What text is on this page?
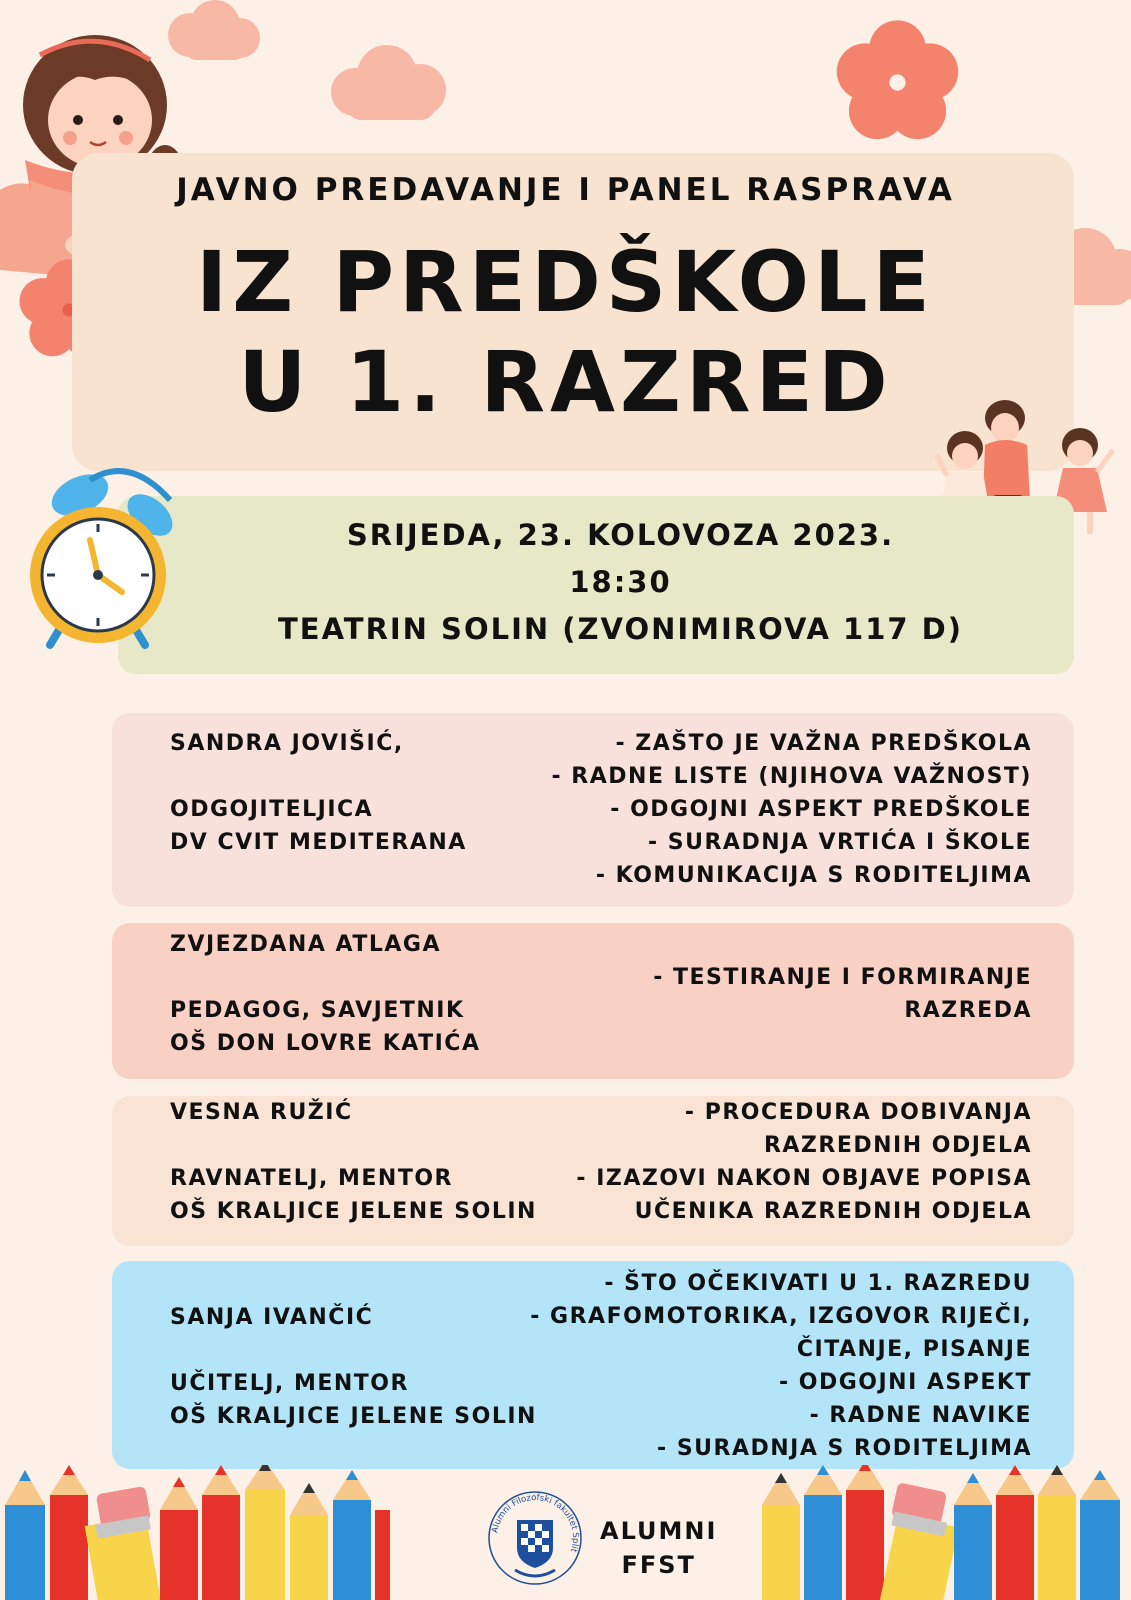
JAVNO PREDAVANJE I PANEL RASPRAVA
IZ PREDŠKOLE
U 1. RAZRED
SRIJEDA, 23. KOLOVOZA 2023.
18:30
TEATRIN SOLIN (ZVONIMIROVA 117 D)
SANDRA JOVIŠIĆ,
ODGOJITELJICA
DV CVIT MEDITERANA
- ZAŠTO JE VAŽNA PREDŠKOLA
- RADNE LISTE (NJIHOVA VAŽNOST)
- ODGOJNI ASPEKT PREDŠKOLE
- SURADNJA VRTIĆA I ŠKOLE
- KOMUNIKACIJA S RODITELJIMA
ZVJEZDANA ATLAGA
PEDAGOG, SAVJETNIK
OŠ DON LOVRE KATIĆA
- TESTIRANJE I FORMIRANJE
RAZREDA
VESNA RUŽIĆ
RAVNATELJ, MENTOR
OŠ KRALJICE JELENE SOLIN
- PROCEDURA DOBIVANJA
RAZREDNIH ODJELA
- IZAZOVI NAKON OBJAVE POPISA
UČENIKA RAZREDNIH ODJELA
SANJA IVANČIĆ
UČITELJ, MENTOR
OŠ KRALJICE JELENE SOLIN
- ŠTO OČEKIVATI U 1. RAZREDU
- GRAFOMOTORIKA, IZGOVOR RIJEČI,
ČITANJE, PISANJE
- ODGOJNI ASPEKT
- RADNE NAVIKE
- SURADNJA S RODITELJIMA
Alumni Filozofski fakultet Split
ALUMNI
FFST
